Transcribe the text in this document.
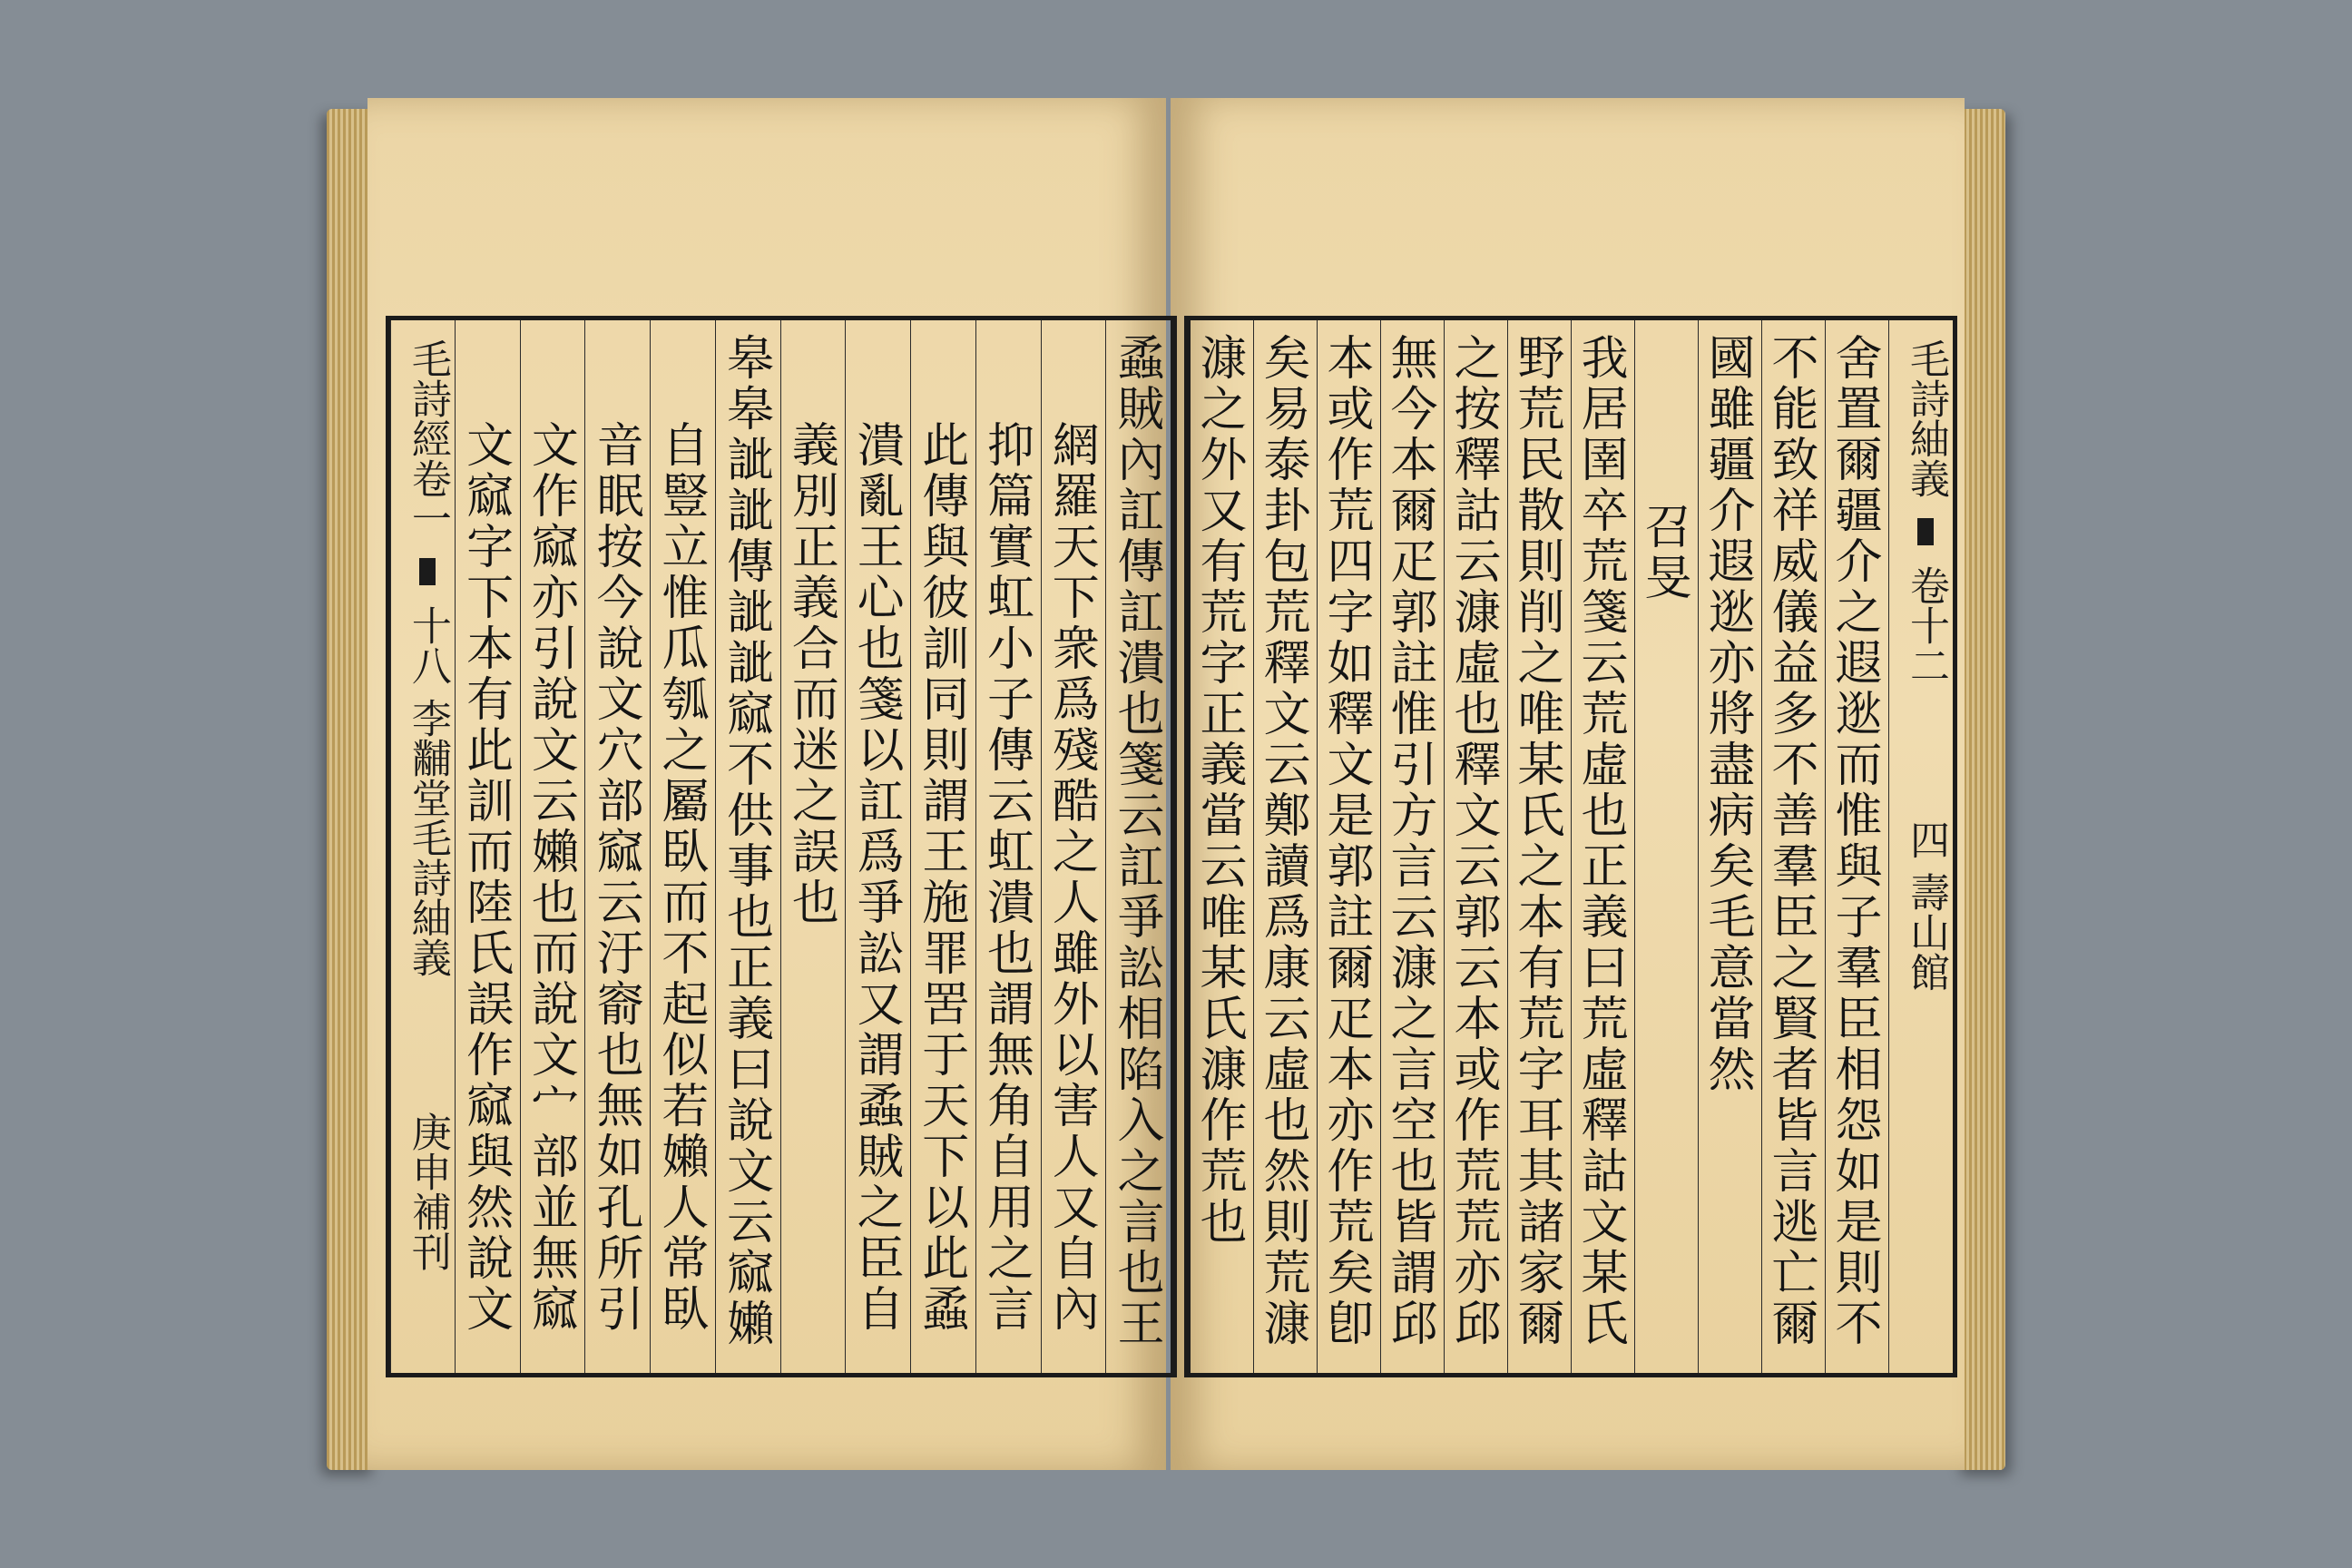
毛詩紬義  卷十二  四 壽山館
舍置爾疆介之遐逖而惟與子羣臣相怨如是則不
不能致祥威儀益多不善羣臣之賢者皆言逃亡爾
國雖疆介遐逖亦將盡病矣毛意當然
召旻
我居圉卒荒箋云荒虛也正義曰荒虛釋詁文某氏
野荒民散則削之唯某氏之本有荒字耳其諸家爾
之按釋詁云漮虛也釋文云郭云本或作荒荒亦邱
無今本爾疋郭註惟引方言云漮之言空也皆謂邱
本或作荒四字如釋文是郭註爾疋本亦作荒矣卽
矣易泰卦包荒釋文云鄭讀爲康云虛也然則荒漮
漮之外又有荒字正義當云唯某氏漮作荒也
蟊賊內訌傳訌潰也箋云訌爭訟相陷入之言也王
網羅天下衆爲殘酷之人雖外以害人又自內
抑篇實虹小子傳云虹潰也謂無角自用之言
此傳與彼訓同則謂王施罪罟于天下以此蟊
潰亂王心也箋以訌爲爭訟又謂蟊賊之臣自
義別正義合而迷之誤也
皋皋訿訿傳訿訿窳不供事也正義曰說文云窳嬾
自豎立惟瓜瓠之屬臥而不起似若嬾人常臥
音眠按今說文穴部窳云汙窬也無如孔所引
文作窳亦引說文云嬾也而說文宀部並無窳
文窳字下本有此訓而陸氏誤作窳與然說文
毛詩經卷一  十八 李黼堂毛詩紬義  庚申補刊
